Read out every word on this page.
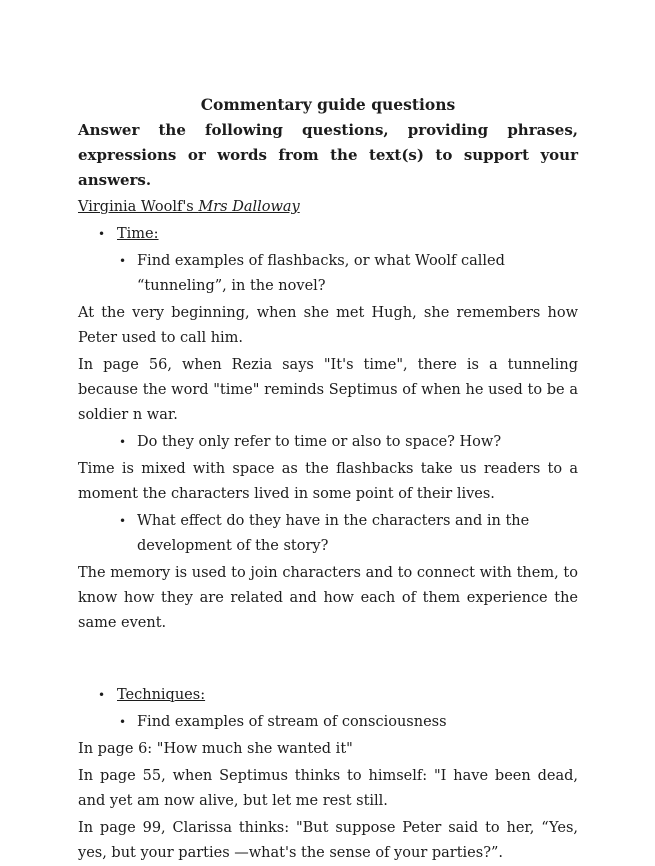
Commentary guide questions

Answer the following questions, providing phrases, expressions or words from the text(s) to support your answers.

Virginia Woolf's Mrs Dalloway

• Time:
• Find examples of flashbacks, or what Woolf called “tunneling”, in the novel?

At the very beginning, when she met Hugh, she remembers how Peter used to call him.

In page 56, when Rezia says "It's time", there is a tunneling because the word "time" reminds Septimus of when he used to be a soldier n war.

• Do they only refer to time or also to space? How?

Time is mixed with space as the flashbacks take us readers to a moment the characters lived in some point of their lives.

• What effect do they have in the characters and in the development of the story?

The memory is used to join characters and to connect with them, to know how they are related and how each of them experience the same event.

• Techniques:
• Find examples of stream of consciousness

In page 6: "How much she wanted it"

In page 55, when Septimus thinks to himself: "I have been dead, and yet am now alive, but let me rest still.

In page 99, Clarissa thinks: "But suppose Peter said to her, “Yes, yes, but your parties —what's the sense of your parties?”.
